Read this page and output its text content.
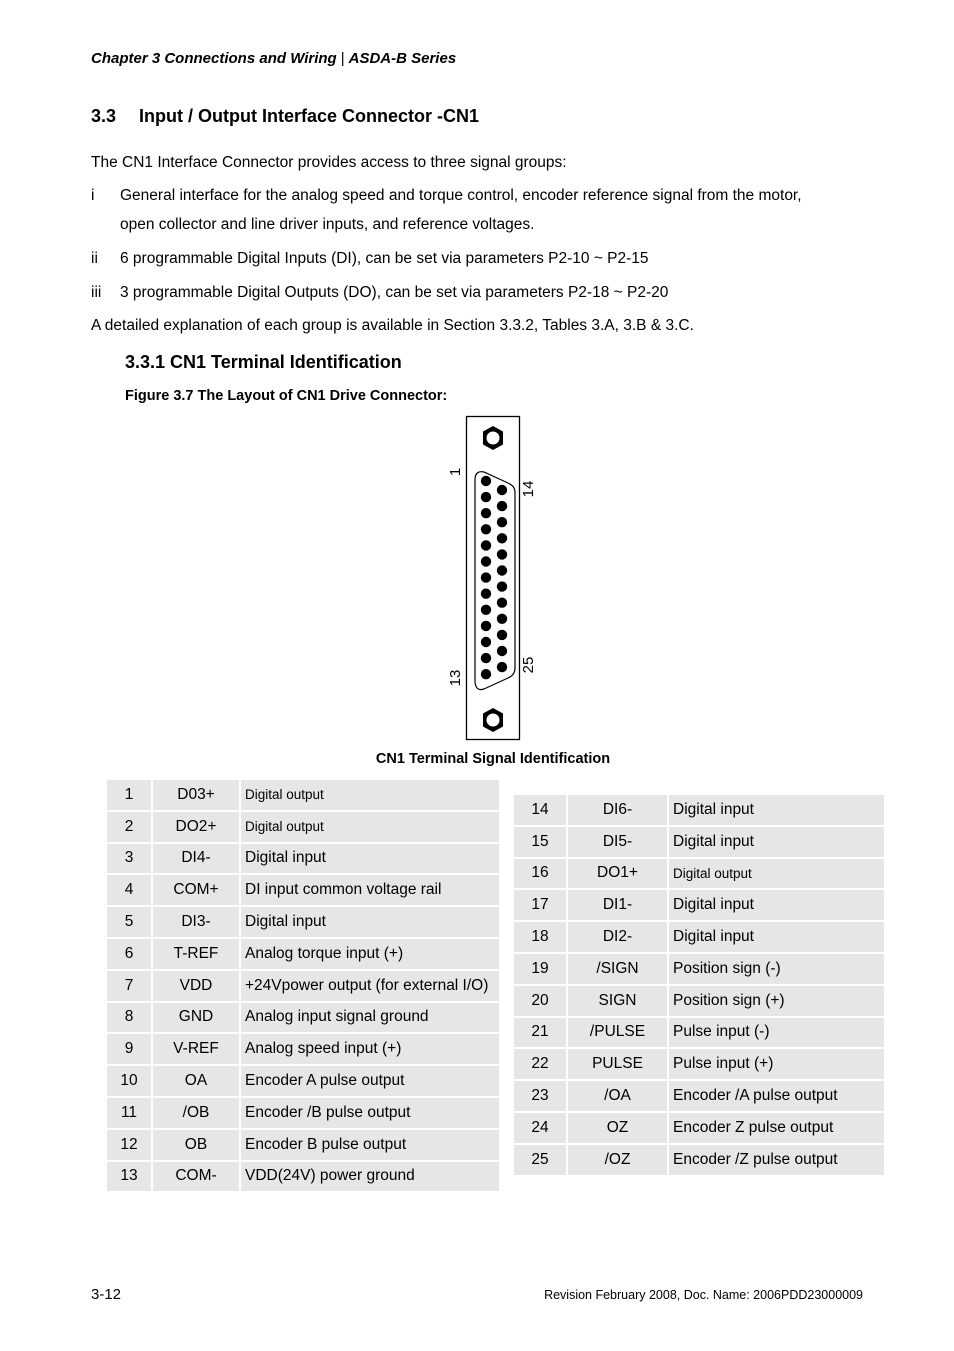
Chapter 3 Connections and Wiring | ASDA-B Series
3.3 Input / Output Interface Connector -CN1
The CN1 Interface Connector provides access to three signal groups:
i General interface for the analog speed and torque control, encoder reference signal from the motor,
open collector and line driver inputs, and reference voltages.
ii 6 programmable Digital Inputs (DI), can be set via parameters P2-10 ~ P2-15
iii 3 programmable Digital Outputs (DO), can be set via parameters P2-18 ~ P2-20
A detailed explanation of each group is available in Section 3.3.2, Tables 3.A, 3.B & 3.C.
3.3.1 CN1 Terminal Identification
Figure 3.7 The Layout of CN1 Drive Connector:
1
13
14
25
CN1 Terminal Signal Identification
1	D03+	Digital output
2	DO2+	Digital output
3	DI4-	Digital input
4	COM+	DI input common voltage rail
5	DI3-	Digital input
6	T-REF	Analog torque input (+)
7	VDD	+24Vpower output (for external I/O)
8	GND	Analog input signal ground
9	V-REF	Analog speed input (+)
10	OA	Encoder A pulse output
11	/OB	Encoder /B pulse output
12	OB	Encoder B pulse output
13	COM-	VDD(24V) power ground
14	DI6-	Digital input
15	DI5-	Digital input
16	DO1+	Digital output
17	DI1-	Digital input
18	DI2-	Digital input
19	/SIGN	Position sign (-)
20	SIGN	Position sign (+)
21	/PULSE	Pulse input (-)
22	PULSE	Pulse input (+)
23	/OA	Encoder /A pulse output
24	OZ	Encoder Z pulse output
25	/OZ	Encoder /Z pulse output
3-12	Revision February 2008, Doc. Name: 2006PDD23000009
